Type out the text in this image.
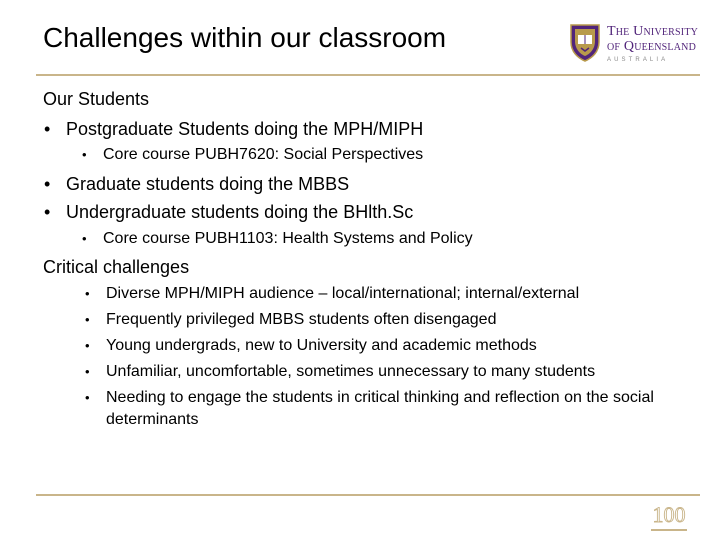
Challenges within our classroom	The University
of Queensland
AUSTRALIA
Our Students
• Postgraduate Students doing the MPH/MIPH
• Core course PUBH7620: Social Perspectives
• Graduate students doing the MBBS
• Undergraduate students doing the BHlth.Sc
• Core course PUBH1103: Health Systems and Policy
Critical challenges
• Diverse MPH/MIPH audience – local/international; internal/external
• Frequently privileged MBBS students often disengaged
• Young undergrads, new to University and academic methods
• Unfamiliar, uncomfortable, sometimes unnecessary to many students
• Needing to engage the students in critical thinking and reflection on the social determinants
100
